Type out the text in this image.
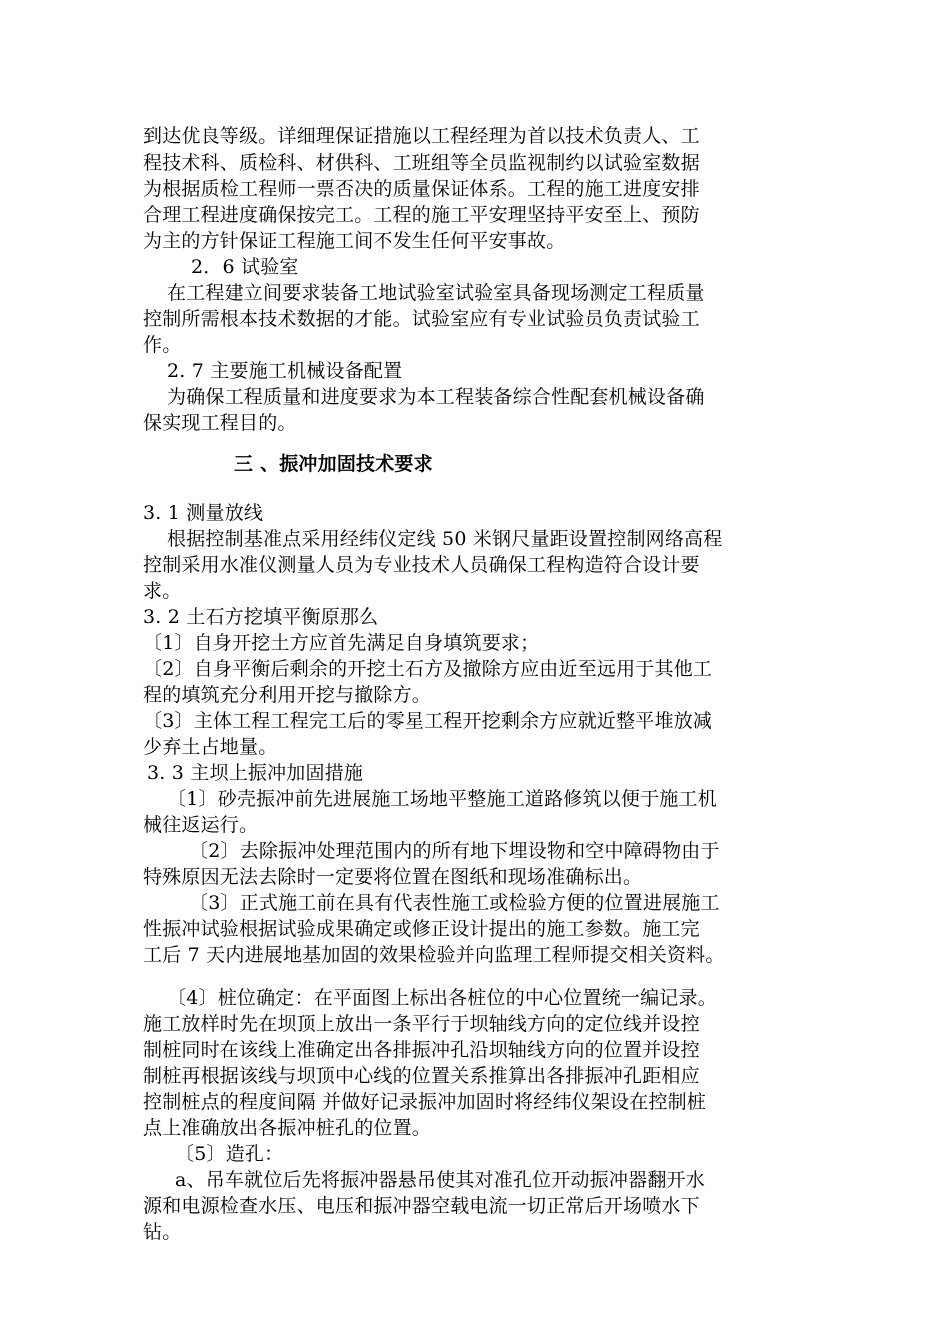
到达优良等级。详细理保证措施以工程经理为首以技术负责人、工
程技术科、质检科、材供科、工班组等全员监视制约以试验室数据
为根据质检工程师一票否决的质量保证体系。工程的施工进度安排
合理工程进度确保按完工。工程的施工平安理坚持平安至上、预防
为主的方针保证工程施工间不发生任何平安事故。
2．6 试验室
在工程建立间要求装备工地试验室试验室具备现场测定工程质量
控制所需根本技术数据的才能。试验室应有专业试验员负责试验工
作。
2. 7 主要施工机械设备配置
为确保工程质量和进度要求为本工程装备综合性配套机械设备确
保实现工程目的。
三 、振冲加固技术要求
3. 1 测量放线
根据控制基准点采用经纬仪定线 50 米钢尺量距设置控制网络高程
控制采用水准仪测量人员为专业技术人员确保工程构造符合设计要
求。
3. 2 土石方挖填平衡原那么
〔1〕自身开挖土方应首先满足自身填筑要求；
〔2〕自身平衡后剩余的开挖土石方及撤除方应由近至远用于其他工
程的填筑充分利用开挖与撤除方。
〔3〕主体工程工程完工后的零星工程开挖剩余方应就近整平堆放减
少弃土占地量。
3. 3 主坝上振冲加固措施
〔1〕砂壳振冲前先进展施工场地平整施工道路修筑以便于施工机
械往返运行。
〔2〕去除振冲处理范围内的所有地下埋设物和空中障碍物由于
特殊原因无法去除时一定要将位置在图纸和现场准确标出。
〔3〕正式施工前在具有代表性施工或检验方便的位置进展施工
性振冲试验根据试验成果确定或修正设计提出的施工参数。施工完
工后 7 天内进展地基加固的效果检验并向监理工程师提交相关资料。
〔4〕桩位确定：在平面图上标出各桩位的中心位置统一编记录。
施工放样时先在坝顶上放出一条平行于坝轴线方向的定位线并设控
制桩同时在该线上准确定出各排振冲孔沿坝轴线方向的位置并设控
制桩再根据该线与坝顶中心线的位置关系推算出各排振冲孔距相应
控制桩点的程度间隔 并做好记录振冲加固时将经纬仪架设在控制桩
点上准确放出各振冲桩孔的位置。
〔5〕造孔：
a、吊车就位后先将振冲器悬吊使其对准孔位开动振冲器翻开水
源和电源检查水压、电压和振冲器空载电流一切正常后开场喷水下
钻。
